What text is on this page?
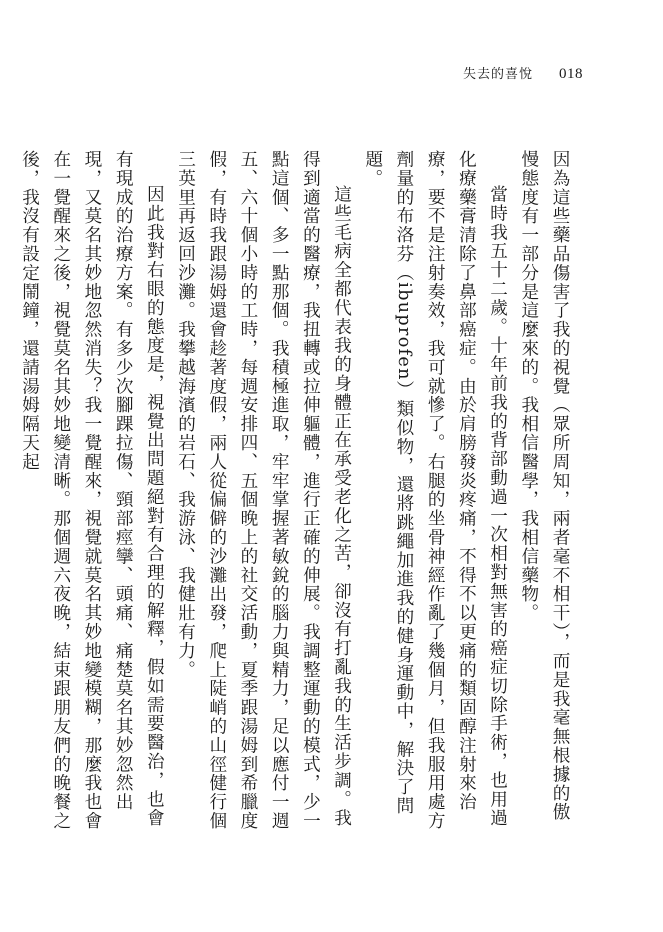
失去的喜悅 018

因為這些藥品傷害了我的視覺（眾所周知，兩者毫不相干），而是我毫無根據的傲慢態度有一部分是這麼來的。我相信醫學，我相信藥物。

當時我五十二歲。十年前我的背部動過一次相對無害的癌症切除手術，也用過化療藥膏清除了鼻部癌症。由於肩膀發炎疼痛，不得不以更痛的類固醇注射來治療，要不是注射奏效，我可就慘了。右腿的坐骨神經作亂了幾個月，但我服用處方劑量的布洛芬（ibuprofen）類似物，還將跳繩加進我的健身運動中，解決了問題。

這些毛病全都代表我的身體正在承受老化之苦，卻沒有打亂我的生活步調。我得到適當的醫療，我扭轉或拉伸軀體，進行正確的伸展。我調整運動的模式，少一點這個、多一點那個。我積極進取，牢牢掌握著敏銳的腦力與精力，足以應付一週五、六十個小時的工時，每週安排四、五個晚上的社交活動，夏季跟湯姆到希臘度假，有時我跟湯姆還會趁著度假，兩人從偏僻的沙灘出發，爬上陡峭的山徑健行個三英里再返回沙灘。我攀越海濱的岩石、我游泳、我健壯有力。

因此我對右眼的態度是，視覺出問題絕對有合理的解釋，假如需要醫治，也會有現成的治療方案。有多少次腳踝拉傷、頸部痙攣、頭痛、痛楚莫名其妙忽然出現，又莫名其妙地忽然消失？我一覺醒來，視覺就莫名其妙地變模糊，那麼我也會在一覺醒來之後，視覺莫名其妙地變清晰。那個週六夜晚，結束跟朋友們的晚餐之後，我沒有設定鬧鐘，還請湯姆隔天起
